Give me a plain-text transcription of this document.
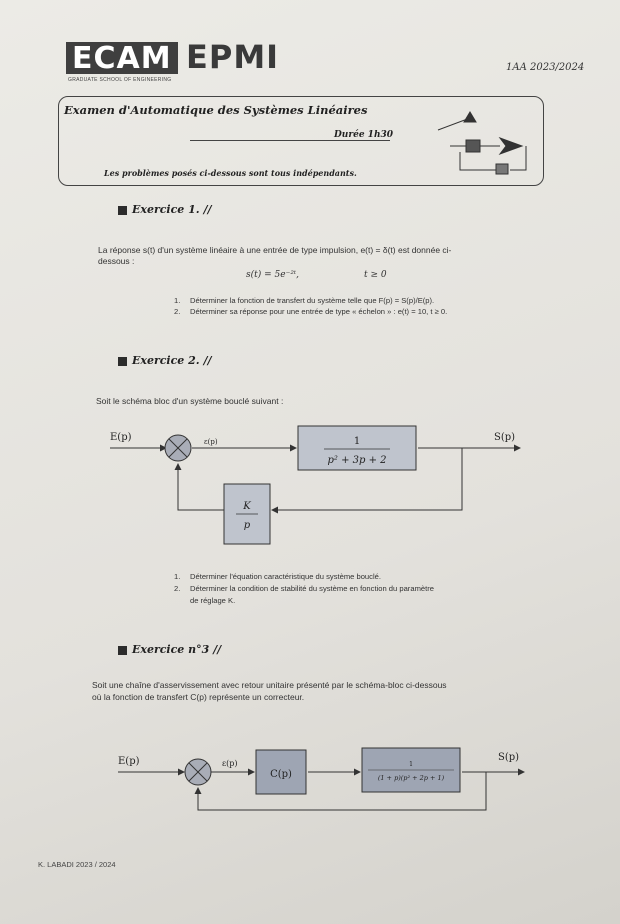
ECAM EPMI
GRADUATE SCHOOL OF ENGINEERING
1AA 2023/2024
Examen d'Automatique des Systèmes Linéaires
Durée 1h30
Les problèmes posés ci-dessous sont tous indépendants.
Exercice 1. //
La réponse s(t) d'un système linéaire à une entrée de type impulsion, e(t) = δ(t) est donnée ci-
dessous :
s(t) = 5e⁻²ᵗ,	t ≥ 0
1. Déterminer la fonction de transfert du système telle que F(p) = S(p)/E(p).
2. Déterminer sa réponse pour une entrée de type « échelon » : e(t) = 10, t ≥ 0.
Exercice 2. //
Soit le schéma bloc d'un système bouclé suivant :
E(p)	ε(p)	S(p)
1
p² + 3p + 2
K
p
1. Déterminer l'équation caractéristique du système bouclé.
2. Déterminer la condition de stabilité du système en fonction du paramètre
de réglage K.
Exercice n°3 //
Soit une chaîne d'asservissement avec retour unitaire présenté par le schéma-bloc ci-dessous
où la fonction de transfert C(p) représente un correcteur.
E(p)	ε(p)
S(p)
C(p)
1
(1 + p)(p² + 2p + 1)
K. LABADI 2023 / 2024
